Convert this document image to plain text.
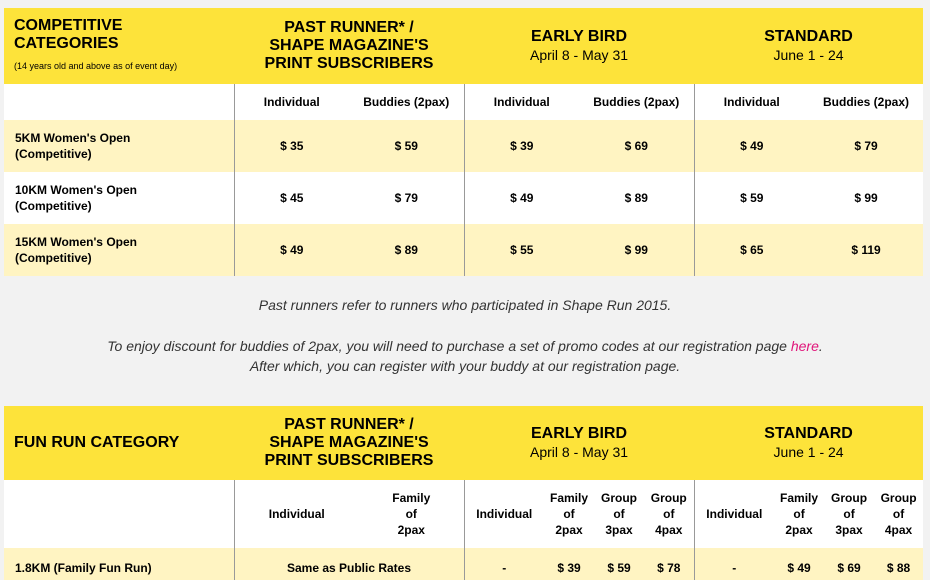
COMPETITIVE
CATEGORIES
(14 years old and above as of event day)	PAST RUNNER* /
SHAPE MAGAZINE'S
PRINT SUBSCRIBERS		EARLY BIRD
April 8 - May 31		STANDARD
June 1 - 24	

	Individual	Buddies (2pax)	Individual	Buddies (2pax)	Individual	Buddies (2pax)
5KM Women's Open
(Competitive)	$ 35	$ 59	$ 39	$ 69	$ 49	$ 79
10KM Women's Open
(Competitive)	$ 45	$ 79	$ 49	$ 89	$ 59	$ 99
15KM Women's Open
(Competitive)	$ 49	$ 89	$ 55	$ 99	$ 65	$ 119
Past runners refer to runners who participated in Shape Run 2015.
To enjoy discount for buddies of 2pax, you will need to purchase a set of promo codes at our registration page here.
After which, you can register with your buddy at our registration page.
FUN RUN CATEGORY	PAST RUNNER* /
SHAPE MAGAZINE'S
PRINT SUBSCRIBERS		EARLY BIRD
April 8 - May 31				STANDARD
June 1 - 24			

	Individual	Family
of
2pax	Individual	Family
of
2pax	Group
of
3pax	Group
of
4pax	Individual	Family
of
2pax	Group
of
3pax	Group
of
4pax
1.8KM (Family Fun Run)	Same as Public Rates		-	$ 39	$ 59	$ 78	-	$ 49	$ 69	$ 88
